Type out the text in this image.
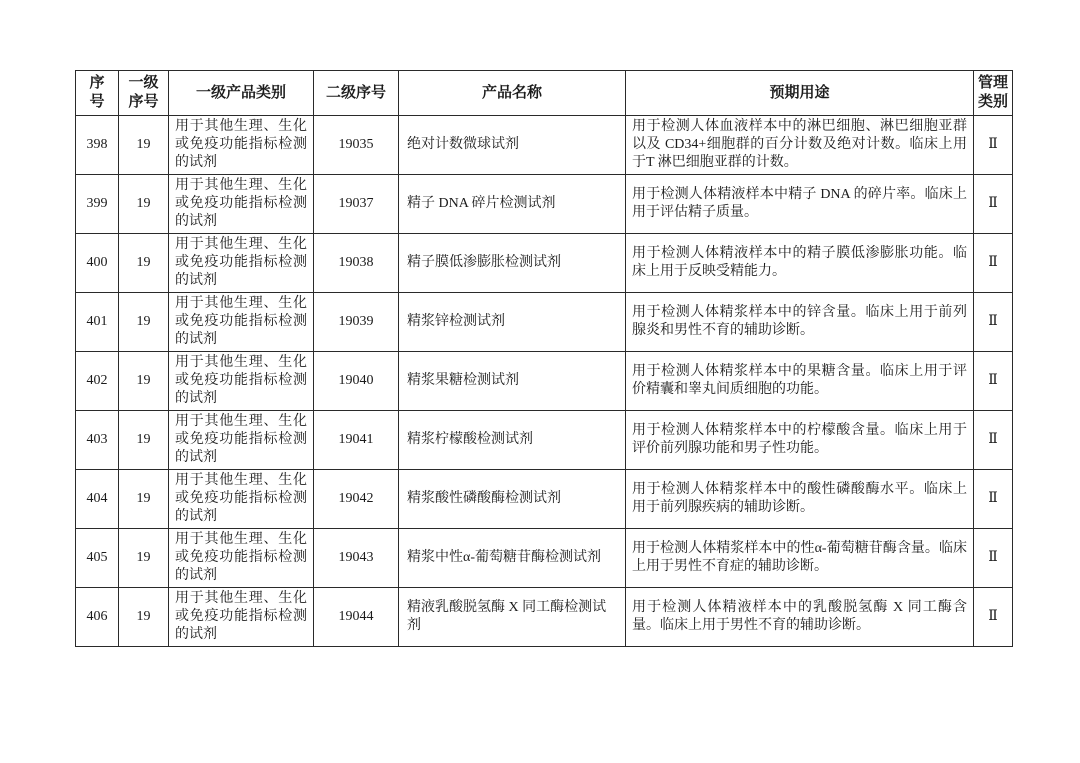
序号	一级序号	一级产品类别	二级序号	产品名称	预期用途	管理类别
398	19	用于其他生理、生化或免疫功能指标检测的试剂	19035	绝对计数微球试剂	用于检测人体血液样本中的淋巴细胞、淋巴细胞亚群以及 CD34+细胞群的百分计数及绝对计数。临床上用于T 淋巴细胞亚群的计数。	Ⅱ
399	19	用于其他生理、生化或免疫功能指标检测的试剂	19037	精子 DNA 碎片检测试剂	用于检测人体精液样本中精子 DNA 的碎片率。临床上用于评估精子质量。	Ⅱ
400	19	用于其他生理、生化或免疫功能指标检测的试剂	19038	精子膜低渗膨胀检测试剂	用于检测人体精液样本中的精子膜低渗膨胀功能。临床上用于反映受精能力。	Ⅱ
401	19	用于其他生理、生化或免疫功能指标检测的试剂	19039	精浆锌检测试剂	用于检测人体精浆样本中的锌含量。临床上用于前列腺炎和男性不育的辅助诊断。	Ⅱ
402	19	用于其他生理、生化或免疫功能指标检测的试剂	19040	精浆果糖检测试剂	用于检测人体精浆样本中的果糖含量。临床上用于评价精囊和睾丸间质细胞的功能。	Ⅱ
403	19	用于其他生理、生化或免疫功能指标检测的试剂	19041	精浆柠檬酸检测试剂	用于检测人体精浆样本中的柠檬酸含量。临床上用于评价前列腺功能和男子性功能。	Ⅱ
404	19	用于其他生理、生化或免疫功能指标检测的试剂	19042	精浆酸性磷酸酶检测试剂	用于检测人体精浆样本中的酸性磷酸酶水平。临床上用于前列腺疾病的辅助诊断。	Ⅱ
405	19	用于其他生理、生化或免疫功能指标检测的试剂	19043	精浆中性α-葡萄糖苷酶检测试剂	用于检测人体精浆样本中的性α-葡萄糖苷酶含量。临床上用于男性不育症的辅助诊断。	Ⅱ
406	19	用于其他生理、生化或免疫功能指标检测的试剂	19044	精液乳酸脱氢酶 X 同工酶检测试剂	用于检测人体精液样本中的乳酸脱氢酶 X 同工酶含量。临床上用于男性不育的辅助诊断。	Ⅱ
